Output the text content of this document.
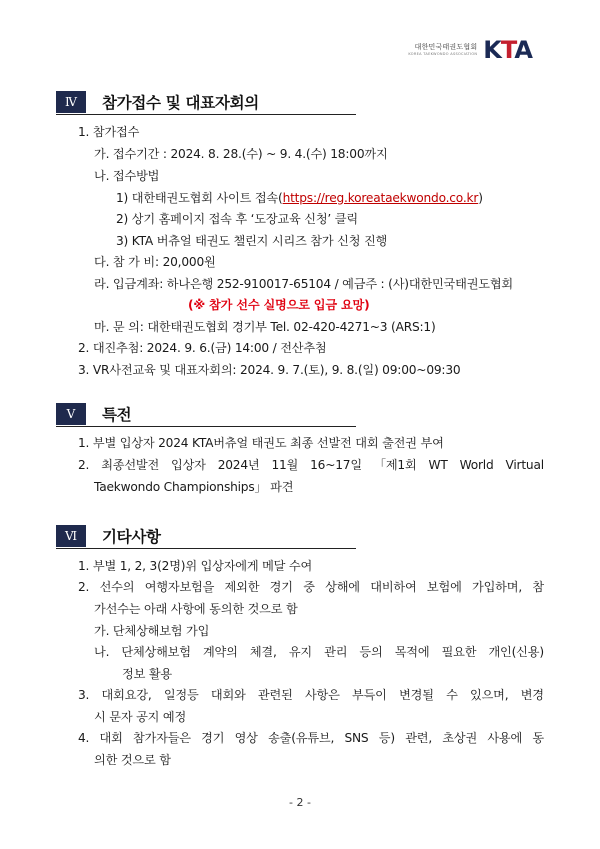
대한민국태권도협회
KOREA TAEKWONDO ASSOCIATION KTA
Ⅳ	참가접수 및 대표자회의
1. 참가접수
가. 접수기간 : 2024. 8. 28.(수) ~ 9. 4.(수) 18:00까지
나. 접수방법
1) 대한태권도협회 사이트 접속(https://reg.koreataekwondo.co.kr)
2) 상기 홈페이지 접속 후 ‘도장교육 신청’ 클릭
3) KTA 버츄얼 태권도 챌린지 시리즈 참가 신청 진행
다. 참 가 비: 20,000원
라. 입금계좌: 하나은행 252-910017-65104 / 예금주 : (사)대한민국태권도협회
(※ 참가 선수 실명으로 입금 요망)
마. 문 의: 대한태권도협회 경기부 Tel. 02-420-4271~3 (ARS:1)
2. 대진추첨: 2024. 9. 6.(금) 14:00 / 전산추첨
3. VR사전교육 및 대표자회의: 2024. 9. 7.(토), 9. 8.(일) 09:00~09:30
Ⅴ	특전
1. 부별 입상자 2024 KTA버츄얼 태권도 최종 선발전 대회 출전권 부여
2. 최종선발전 입상자 2024년 11월 16~17일 「제1회 WT World Virtual
Taekwondo Championships」 파견
Ⅵ	기타사항
1. 부별 1, 2, 3(2명)위 입상자에게 메달 수여
2. 선수의 여행자보험을 제외한 경기 중 상해에 대비하여 보험에 가입하며, 참
가선수는 아래 사항에 동의한 것으로 함
가. 단체상해보험 가입
나. 단체상해보험 계약의 체결, 유지 관리 등의 목적에 필요한 개인(신용)
정보 활용
3. 대회요강, 일정등 대회와 관련된 사항은 부득이 변경될 수 있으며, 변경
시 문자 공지 예정
4. 대회 참가자들은 경기 영상 송출(유튜브, SNS 등) 관련, 초상권 사용에 동
의한 것으로 함
- 2 -
